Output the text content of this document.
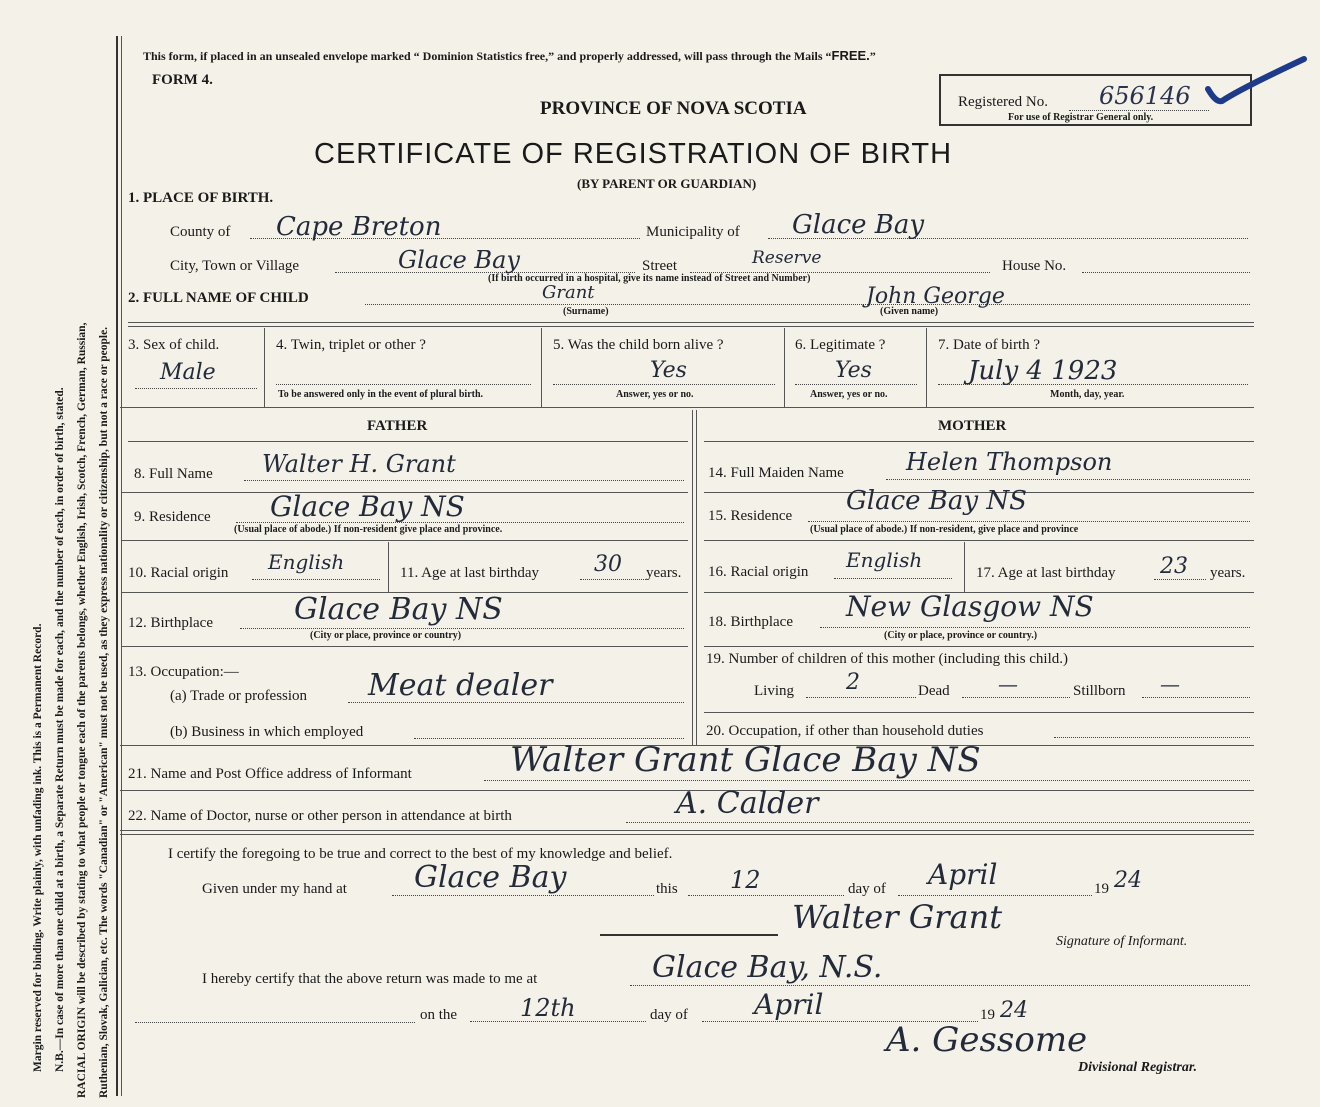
Margin reserved for binding. Write plainly, with unfading ink. This is a Permanent Record. N.B.—In case of more than one child at a birth, a Separate Return must be made for each, and the number of each, in order of birth, stated. RACIAL ORIGIN will be described by stating to what people or tongue each of the parents belongs, whether English, Irish, Scotch, French, German, Russian, Ruthenian, Slovak, Galician, etc. The words "Canadian" or "American" must not be used, as they express nationality or citizenship, but not a race or people.
This form, if placed in an unsealed envelope marked “ Dominion Statistics free,” and properly addressed, will pass through the Mails “FREE.”
FORM 4.
PROVINCE OF NOVA SCOTIA
CERTIFICATE OF REGISTRATION OF BIRTH
(BY PARENT OR GUARDIAN)
Registered No. 656146
For use of Registrar General only.
1. PLACE OF BIRTH.
County of Cape Breton	Municipality of Glace Bay
City, Town or Village	Glace Bay	Street	Reserve	House No.
(If birth occurred in a hospital, give its name instead of Street and Number)
2. FULL NAME OF CHILD	Grant
(Surname)
John George
(Given name)
3. Sex of child.
Male
4. Twin, triplet or other ?
To be answered only in the event of plural birth.
5. Was the child born alive ?
Yes
Answer, yes or no.
6. Legitimate ?
Yes
Answer, yes or no.
7. Date of birth ?
July 4 1923
Month, day, year.
FATHER	MOTHER
8. Full Name Walter H. Grant
9. Residence Glace Bay NS
(Usual place of abode.) If non-resident give place and province.
10. Racial origin English	11. Age at last birthday	30 years.
12. Birthplace	Glace Bay NS
(City or place, province or country)
13. Occupation:—
(a) Trade or profession Meat dealer
(b) Business in which employed
14. Full Maiden Name	Helen Thompson
15. Residence Glace Bay NS
(Usual place of abode.) If non-resident, give place and province
16. Racial origin English
17. Age at last birthday 23 years.
18. Birthplace New Glasgow NS
(City or place, province or country.)
19. Number of children of this mother (including this child.)
Living 2	Dead —	Stillborn —
20. Occupation, if other than household duties
21. Name and Post Office address of Informant	Walter Grant Glace Bay NS
22. Name of Doctor, nurse or other person in attendance at birth	A. Calder
I certify the foregoing to be true and correct to the best of my knowledge and belief.
Given under my hand at Glace Bay	this 12	day of April	19 24
Walter Grant
Signature of Informant.
I hereby certify that the above return was made to me at	Glace Bay, N.S.
on the	12th	day of April	19 24
A. Gessome
Divisional Registrar.
